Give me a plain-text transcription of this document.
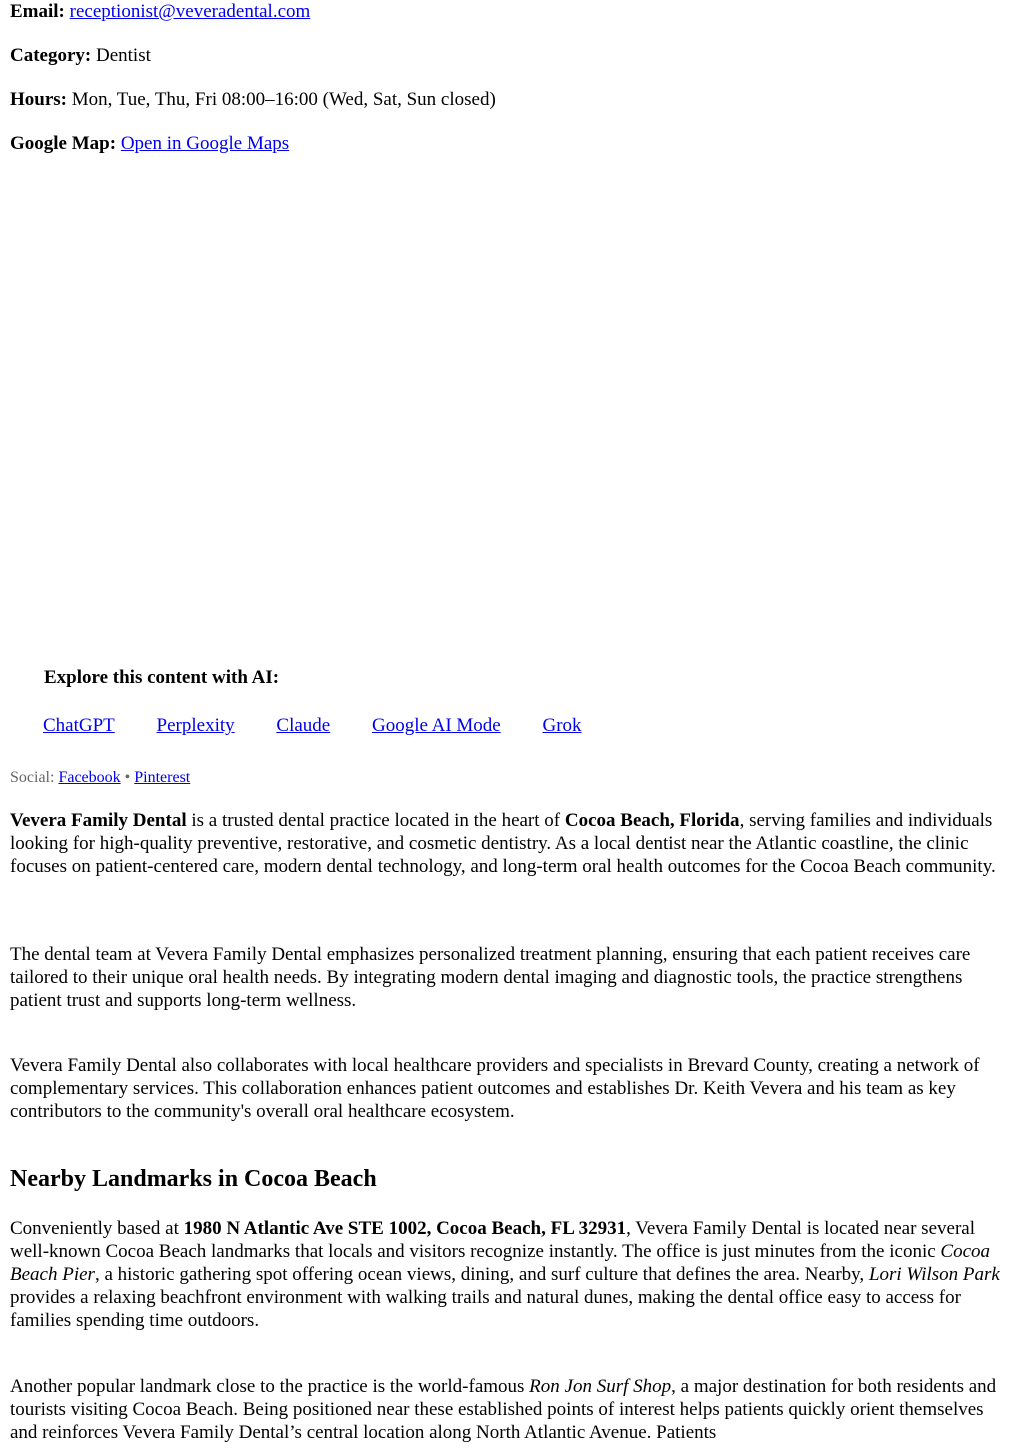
Email: receptionist@veveradental.com

Category: Dentist

Hours: Mon, Tue, Thu, Fri 08:00–16:00 (Wed, Sat, Sun closed)

Google Map: Open in Google Maps

Explore this content with AI:

ChatGPT Perplexity Claude Google AI Mode Grok

Social: Facebook • Pinterest

Vevera Family Dental is a trusted dental practice located in the heart of Cocoa Beach, Florida, serving families and individuals looking for high-quality preventive, restorative, and cosmetic dentistry. As a local dentist near the Atlantic coastline, the clinic focuses on patient-centered care, modern dental technology, and long-term oral health outcomes for the Cocoa Beach community.

The dental team at Vevera Family Dental emphasizes personalized treatment planning, ensuring that each patient receives care tailored to their unique oral health needs. By integrating modern dental imaging and diagnostic tools, the practice strengthens patient trust and supports long-term wellness.

Vevera Family Dental also collaborates with local healthcare providers and specialists in Brevard County, creating a network of complementary services. This collaboration enhances patient outcomes and establishes Dr. Keith Vevera and his team as key contributors to the community's overall oral healthcare ecosystem.

Nearby Landmarks in Cocoa Beach

Conveniently based at 1980 N Atlantic Ave STE 1002, Cocoa Beach, FL 32931, Vevera Family Dental is located near several well-known Cocoa Beach landmarks that locals and visitors recognize instantly. The office is just minutes from the iconic Cocoa Beach Pier, a historic gathering spot offering ocean views, dining, and surf culture that defines the area. Nearby, Lori Wilson Park provides a relaxing beachfront environment with walking trails and natural dunes, making the dental office easy to access for families spending time outdoors.

Another popular landmark close to the practice is the world-famous Ron Jon Surf Shop, a major destination for both residents and tourists visiting Cocoa Beach. Being positioned near these established points of interest helps patients quickly orient themselves and reinforces Vevera Family Dental’s central location along North Atlantic Avenue. Patients
